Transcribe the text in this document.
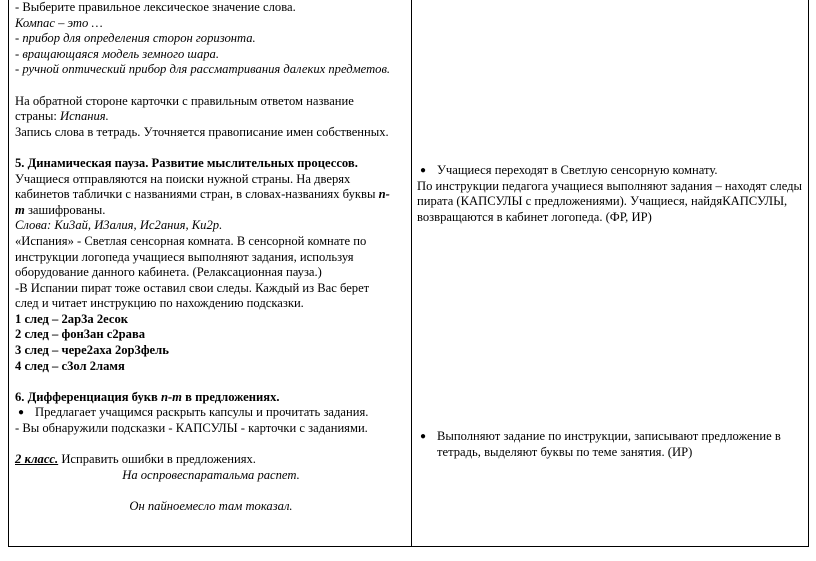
- Выберите правильное лексическое значение слова.
Компас – это …
- прибор для определения сторон горизонта.
- вращающаяся модель земного шара.
- ручной оптический прибор для рассматривания далеких предметов.
На обратной стороне карточки с правильным ответом название
страны: Испания.
Запись слова в тетрадь. Уточняется правописание имен собственных.
5. Динамическая пауза. Развитие мыслительных процессов.
Учащиеся отправляются на поиски нужной страны. На дверях
кабинетов таблички с названиями стран, в словах-названиях буквы п-
т зашифрованы.
Слова: Ки3ай, И3алия, Ис2ания, Ки2р.
«Испания» - Светлая сенсорная комната. В сенсорной комнате по
инструкции логопеда учащиеся выполняют задания, используя
оборудование данного кабинета. (Релаксационная пауза.)
-В Испании пират тоже оставил свои следы. Каждый из Вас берет
след и читает инструкцию по нахождению подсказки.
1 след – 2ар3а 2есок
2 след – фон3ан с2рава
3 след – чере2аха 2ор3фель
4 след – с3ол 2ламя
6. Дифференциация букв п-т в предложениях.
● Предлагает учащимся раскрыть капсулы и прочитать задания.
- Вы обнаружили подсказки - КАПСУЛЫ - карточки с заданиями.
2 класс. Исправить ошибки в предложениях.
На оспровеспаратальма распет.
Он пайноемесло там токазал.
● Учащиеся переходят в Светлую сенсорную комнату.
По инструкции педагога учащиеся выполняют задания – находят следы пирата (КАПСУЛЫ с предложениями). Учащиеся, найдяКАПСУЛЫ, возвращаются в кабинет логопеда. (ФР, ИР)
● Выполняют задание по инструкции, записывают предложение в тетрадь, выделяют буквы по теме занятия. (ИР)
